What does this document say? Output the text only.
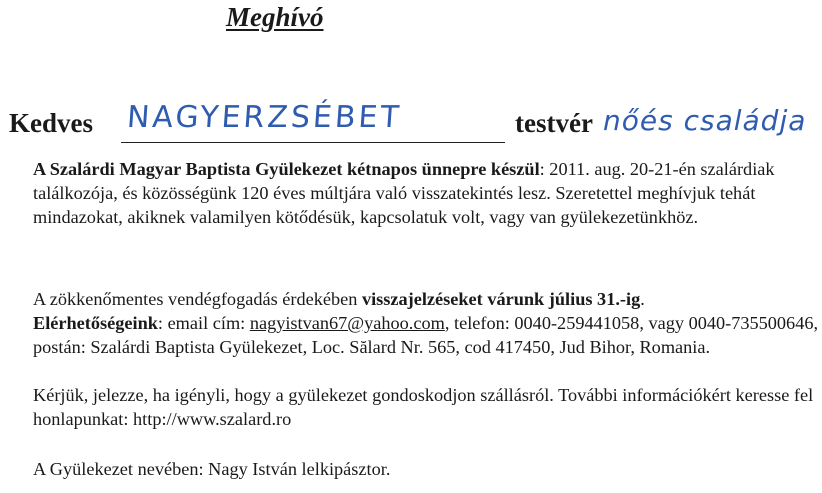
Meghívó
Kedves NAGYERZSÉBET	testvér nőés családja

A Szalárdi Magyar Baptista Gyülekezet kétnapos ünnepre készül: 2011. aug. 20-21-én szalárdiak találkozója, és közösségünk 120 éves múltjára való visszatekintés lesz. Szeretettel meghívjuk tehát mindazokat, akiknek valamilyen kötődésük, kapcsolatuk volt, vagy van gyülekezetünkhöz.

A zökkenőmentes vendégfogadás érdekében visszajelzéseket várunk július 31.-ig.
Elérhetőségeink: email cím: nagyistvan67@yahoo.com, telefon: 0040-259441058, vagy 0040-735500646, postán: Szalárdi Baptista Gyülekezet, Loc. Sălard Nr. 565, cod 417450, Jud Bihor, Romania.

Kérjük, jelezze, ha igényli, hogy a gyülekezet gondoskodjon szállásról. További információkért keresse fel honlapunkat: http://www.szalard.ro

A Gyülekezet nevében: Nagy István lelkipásztor.
